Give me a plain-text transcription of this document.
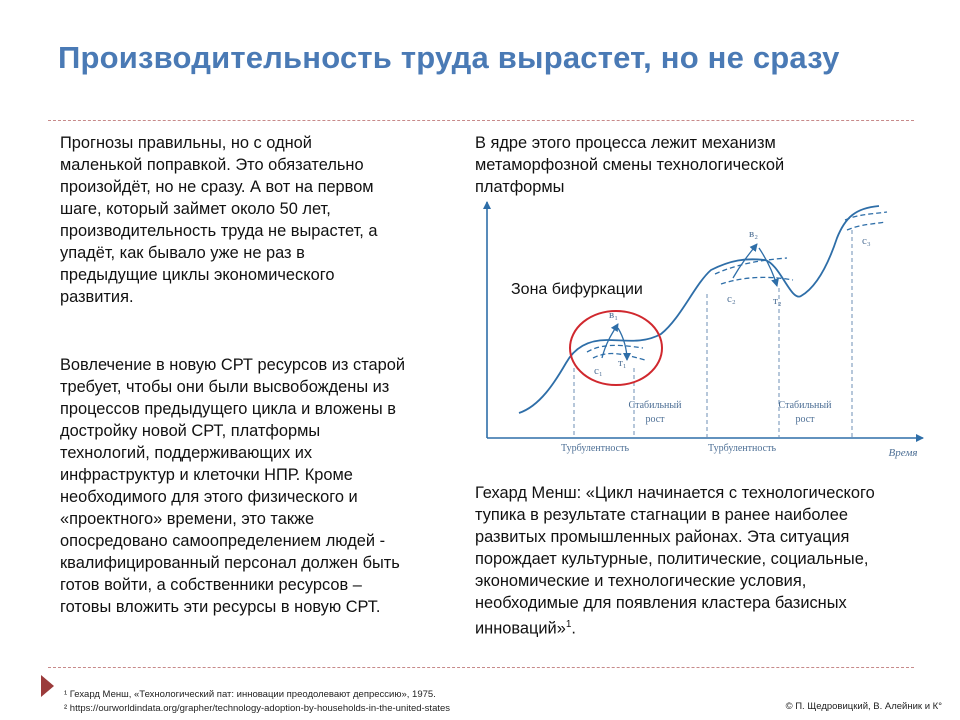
Производительность труда вырастет, но не сразу
Прогнозы правильны, но с одной
маленькой поправкой. Это обязательно
произойдёт, но не сразу. А вот на первом
шаге, который займет около 50 лет,
производительность труда не вырастет, а
упадёт, как бывало уже не раз в
предыдущие циклы экономического
развития.
Вовлечение в новую СРТ ресурсов из старой
требует, чтобы они были высвобождены из
процессов предыдущего цикла и вложены в
достройку новой СРТ, платформы
технологий, поддерживающих их
инфраструктур и клеточки НПР. Кроме
необходимого для этого физического и
«проектного» времени, это также
опосредовано самоопределением людей -
квалифицированный персонал должен быть
готов войти, а собственники ресурсов –
готовы вложить эти ресурсы в новую СРТ.
В ядре этого процесса лежит механизм
метаморфозной смены технологической
платформы
Зона бифуркации
в₁
с₁
т₁
в₂
с₂	т₂
с₃
Стабильный
рост
Стабильный
рост
Турбулентность	Турбулентность	Время
Гехард Менш: «Цикл начинается с технологического
тупика в результате стагнации в ранее наиболее
развитых промышленных районах. Эта ситуация
порождает культурные, политические, социальные,
экономические и технологические условия,
необходимые для появления кластера базисных
инноваций»$^1$.
¹ Гехард Менш, «Технологический пат: инновации преодолевают депрессию», 1975.
² https://ourworldindata.org/grapher/technology-adoption-by-households-in-the-united-states	© П. Щедровицкий, В. Алейник и К°
